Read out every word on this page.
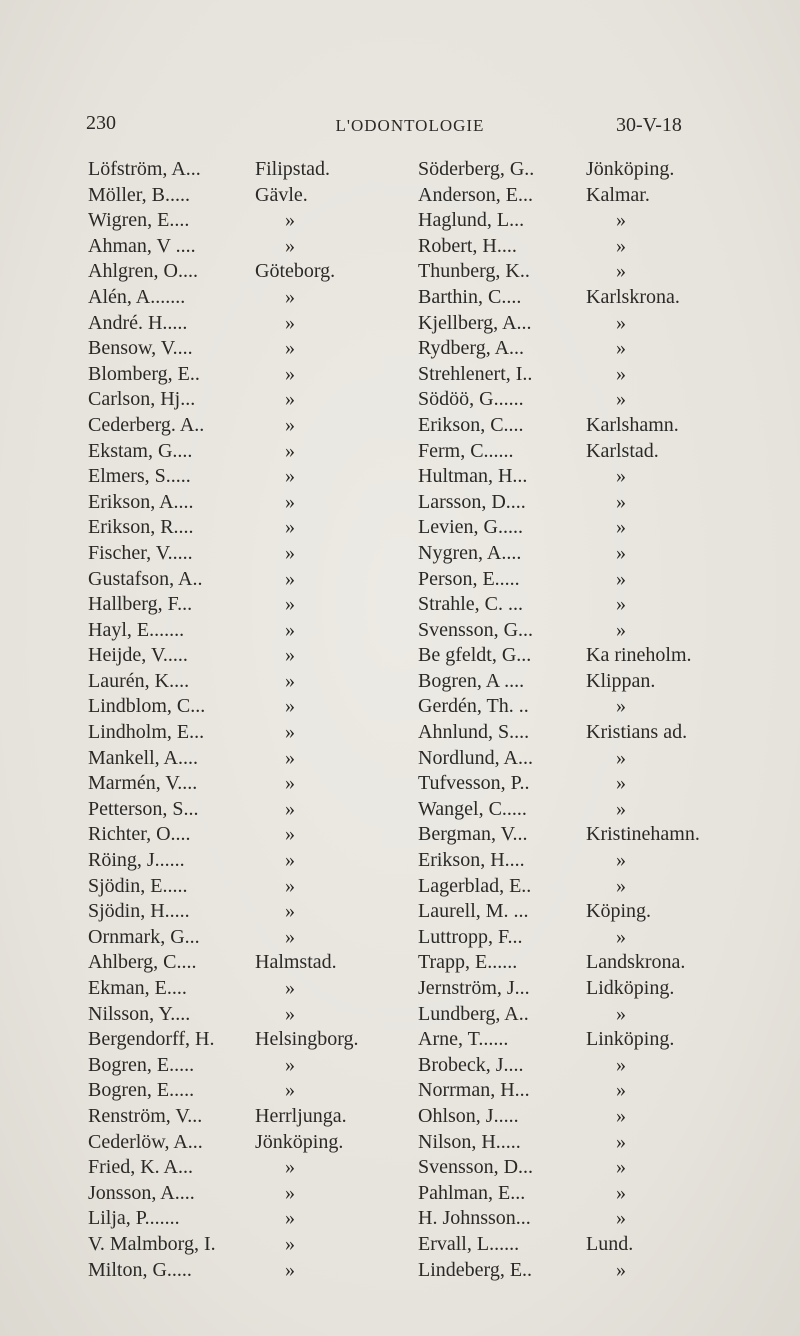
230	L'ODONTOLOGIE	30-V-18
Löfström, A...	Filipstad.
Möller, B.....	Gävle.
Wigren, E....	»
Ahman, V ....	»
Ahlgren, O....	Göteborg.
Alén, A.......	»
André. H.....	»
Bensow, V....	»
Blomberg, E..	»
Carlson, Hj...	»
Cederberg. A..	»
Ekstam, G....	»
Elmers, S.....	»
Erikson, A....	»
Erikson, R....	»
Fischer, V.....	»
Gustafson, A..	»
Hallberg, F...	»
Hayl, E.......	»
Heijde, V.....	»
Laurén, K....	»
Lindblom, C...	»
Lindholm, E...	»
Mankell, A....	»
Marmén, V....	»
Petterson, S...	»
Richter, O....	»
Röing, J......	»
Sjödin, E.....	»
Sjödin, H.....	»
Ornmark, G...	»
Ahlberg, C....	Halmstad.
Ekman, E....	»
Nilsson, Y....	»
Bergendorff, H. Helsingborg.
Bogren, E.....	»
Bogren, E.....	»
Renström, V...	Herrljunga.
Cederlöw, A...	Jönköping.
Fried, K. A...	»
Jonsson, A....	»
Lilja, P.......	»
V. Malmborg, I.	»
Milton, G.....	»
Söderberg, G..	Jönköping.
Anderson, E...	Kalmar.
Haglund, L...	»
Robert, H....	»
Thunberg, K..	»
Barthin, C....	Karlskrona.
Kjellberg, A...	»
Rydberg, A...	»
Strehlenert, I..	»
Södöö, G......	»
Erikson, C....	Karlshamn.
Ferm, C......	Karlstad.
Hultman, H...	»
Larsson, D....	»
Levien, G.....	»
Nygren, A....	»
Person, E.....	»
Strahle, C. ...	»
Svensson, G...	»
Be gfeldt, G...	Ka rineholm.
Bogren, A ....	Klippan.
Gerdén, Th. ..	»
Ahnlund, S....	Kristians ad.
Nordlund, A...	»
Tufvesson, P..	»
Wangel, C.....	»
Bergman, V...	Kristinehamn.
Erikson, H....	»
Lagerblad, E..	»
Laurell, M. ...	Köping.
Luttropp, F...	»
Trapp, E......	Landskrona.
Jernström, J...	Lidköping.
Lundberg, A..	»
Arne, T......	Linköping.
Brobeck, J....	»
Norrman, H...	»
Ohlson, J.....	»
Nilson, H.....	»
Svensson, D...	»
Pahlman, E...	»
H. Johnsson...	»
Ervall, L......	Lund.
Lindeberg, E..	»
